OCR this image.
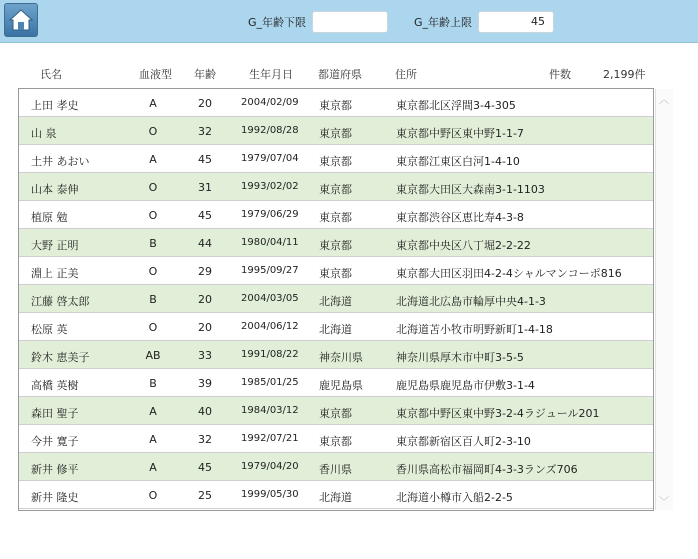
G_年齢下限	G_年齢上限	45
氏名	血液型 年齢	生年月日 都道府県	住所	件数	2,199件
上田 孝史	A	20	2004/02/09 東京都	東京都北区浮間3-4-305
山 泉	O	32	1992/08/28 東京都	東京都中野区東中野1-1-7
土井 あおい	A	45	1979/07/04 東京都	東京都江東区白河1-4-10
山本 泰伸	O	31	1993/02/02 東京都	東京都大田区大森南3-1-1103
植原 勉	O	45	1979/06/29 東京都	東京都渋谷区恵比寿4-3-8
大野 正明	B	44	1980/04/11 東京都	東京都中央区八丁堀2-2-22
淵上 正美	O	29	1995/09/27 東京都	東京都大田区羽田4-2-4シャルマンコーポ816
江藤 啓太郎	B	20	2004/03/05 北海道	北海道北広島市輪厚中央4-1-3
松原 英	O	20	2004/06/12 北海道	北海道苫小牧市明野新町1-4-18
鈴木 恵美子	AB	33	1991/08/22 神奈川県	神奈川県厚木市中町3-5-5
高橋 英樹	B	39	1985/01/25 鹿児島県	鹿児島県鹿児島市伊敷3-1-4
森田 聖子	A	40	1984/03/12 東京都	東京都中野区東中野3-2-4ラジュール201
今井 寛子	A	32	1992/07/21 東京都	東京都新宿区百人町2-3-10
新井 修平	A	45	1979/04/20 香川県	香川県高松市福岡町4-3-3ランズ706
新井 隆史	O	25	1999/05/30 北海道	北海道小樽市入船2-2-5
︿
﹀
